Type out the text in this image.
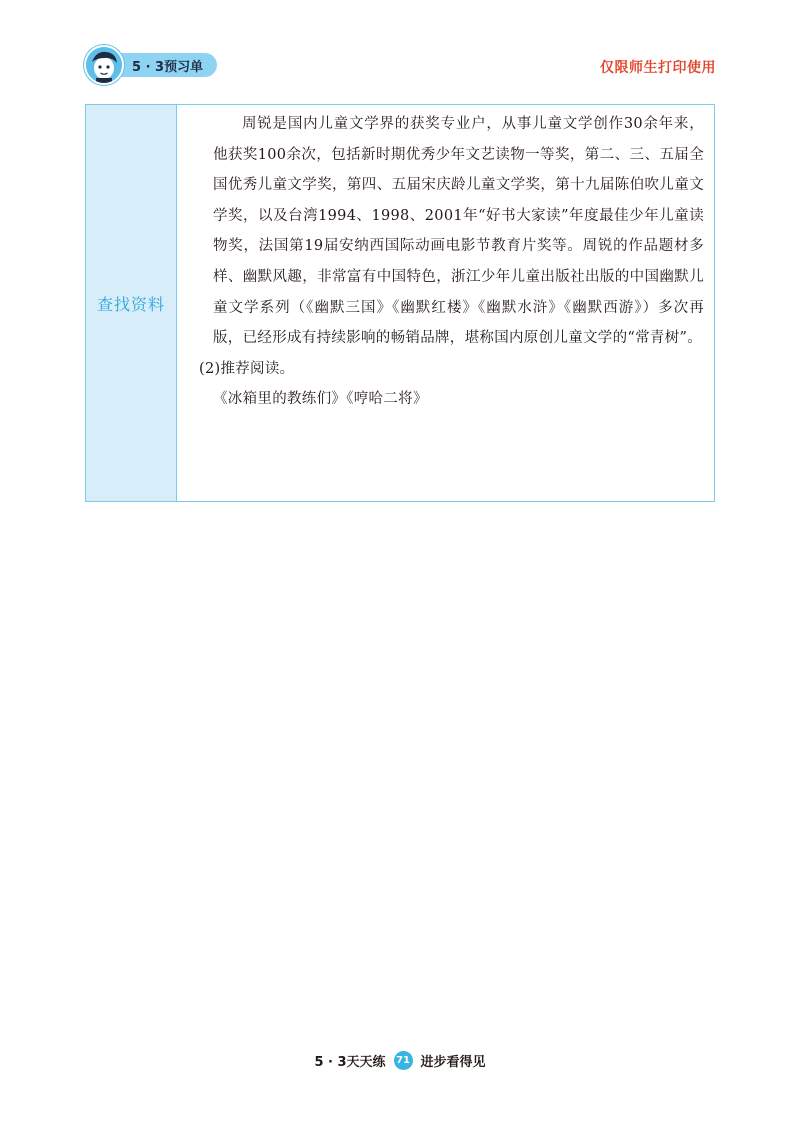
5 · 3预习单	仅限师生打印使用
查找资料

周锐是国内儿童文学界的获奖专业户，从事儿童文学创作30余年来，他获奖100余次，包括新时期优秀少年文艺读物一等奖，第二、三、五届全国优秀儿童文学奖，第四、五届宋庆龄儿童文学奖，第十九届陈伯吹儿童文学奖，以及台湾1994、1998、2001年“好书大家读”年度最佳少年儿童读物奖，法国第19届安纳西国际动画电影节教育片奖等。周锐的作品题材多样、幽默风趣，非常富有中国特色，浙江少年儿童出版社出版的中国幽默儿童文学系列（《幽默三国》《幽默红楼》《幽默水浒》《幽默西游》）多次再版，已经形成有持续影响的畅销品牌，堪称国内原创儿童文学的“常青树”。

(2)推荐阅读。

《冰箱里的教练们》《哼哈二将》

5 · 3天天练 71 进步看得见
